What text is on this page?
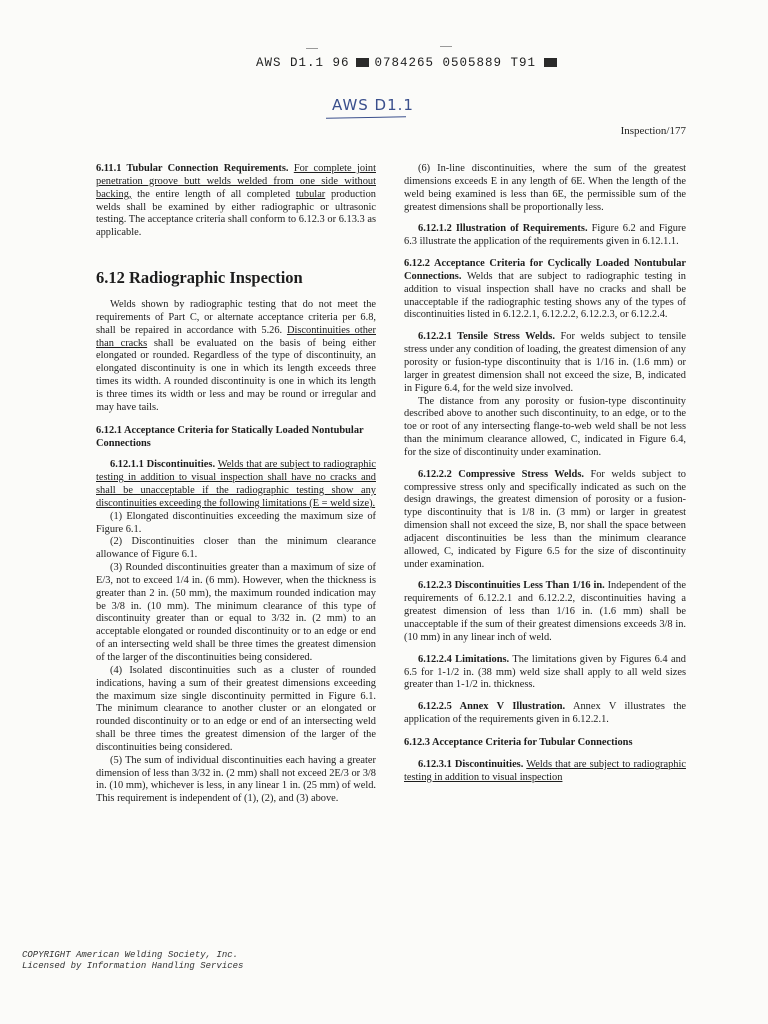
AWS D1.1 96 0784265 0505889 T91
AWS D1.1
Inspection/177

6.11.1 Tubular Connection Requirements. For complete joint penetration groove butt welds welded from one side without backing, the entire length of all completed tubular production welds shall be examined by either radiographic or ultrasonic testing. The acceptance criteria shall conform to 6.12.3 or 6.13.3 as applicable.

6.12 Radiographic Inspection

Welds shown by radiographic testing that do not meet the requirements of Part C, or alternate acceptance criteria per 6.8, shall be repaired in accordance with 5.26. Discontinuities other than cracks shall be evaluated on the basis of being either elongated or rounded. Regardless of the type of discontinuity, an elongated discontinuity is one in which its length exceeds three times its width. A rounded discontinuity is one in which its length is three times its width or less and may be round or irregular and may have tails.

6.12.1 Acceptance Criteria for Statically Loaded Nontubular Connections

6.12.1.1 Discontinuities. Welds that are subject to radiographic testing in addition to visual inspection shall have no cracks and shall be unacceptable if the radiographic testing show any discontinuities exceeding the following limitations (E = weld size).

(1) Elongated discontinuities exceeding the maximum size of Figure 6.1.

(2) Discontinuities closer than the minimum clearance allowance of Figure 6.1.

(3) Rounded discontinuities greater than a maximum of size of E/3, not to exceed 1/4 in. (6 mm). However, when the thickness is greater than 2 in. (50 mm), the maximum rounded indication may be 3/8 in. (10 mm). The minimum clearance of this type of discontinuity greater than or equal to 3/32 in. (2 mm) to an acceptable elongated or rounded discontinuity or to an edge or end of an intersecting weld shall be three times the greatest dimension of the larger of the discontinuities being considered.

(4) Isolated discontinuities such as a cluster of rounded indications, having a sum of their greatest dimensions exceeding the maximum size single discontinuity permitted in Figure 6.1. The minimum clearance to another cluster or an elongated or rounded discontinuity or to an edge or end of an intersecting weld shall be three times the greatest dimension of the larger of the discontinuities being considered.

(5) The sum of individual discontinuities each having a greater dimension of less than 3/32 in. (2 mm) shall not exceed 2E/3 or 3/8 in. (10 mm), whichever is less, in any linear 1 in. (25 mm) of weld. This requirement is independent of (1), (2), and (3) above.

(6) In-line discontinuities, where the sum of the greatest dimensions exceeds E in any length of 6E. When the length of the weld being examined is less than 6E, the permissible sum of the greatest dimensions shall be proportionally less.

6.12.1.2 Illustration of Requirements. Figure 6.2 and Figure 6.3 illustrate the application of the requirements given in 6.12.1.1.

6.12.2 Acceptance Criteria for Cyclically Loaded Nontubular Connections. Welds that are subject to radiographic testing in addition to visual inspection shall have no cracks and shall be unacceptable if the radiographic testing shows any of the types of discontinuities listed in 6.12.2.1, 6.12.2.2, 6.12.2.3, or 6.12.2.4.

6.12.2.1 Tensile Stress Welds. For welds subject to tensile stress under any condition of loading, the greatest dimension of any porosity or fusion-type discontinuity that is 1/16 in. (1.6 mm) or larger in greatest dimension shall not exceed the size, B, indicated in Figure 6.4, for the weld size involved.

The distance from any porosity or fusion-type discontinuity described above to another such discontinuity, to an edge, or to the toe or root of any intersecting flange-to-web weld shall be not less than the minimum clearance allowed, C, indicated in Figure 6.4, for the size of discontinuity under examination.

6.12.2.2 Compressive Stress Welds. For welds subject to compressive stress only and specifically indicated as such on the design drawings, the greatest dimension of porosity or a fusion-type discontinuity that is 1/8 in. (3 mm) or larger in greatest dimension shall not exceed the size, B, nor shall the space between adjacent discontinuities be less than the minimum clearance allowed, C, indicated by Figure 6.5 for the size of discontinuity under examination.

6.12.2.3 Discontinuities Less Than 1/16 in. Independent of the requirements of 6.12.2.1 and 6.12.2.2, discontinuities having a greatest dimension of less than 1/16 in. (1.6 mm) shall be unacceptable if the sum of their greatest dimensions exceeds 3/8 in. (10 mm) in any linear inch of weld.

6.12.2.4 Limitations. The limitations given by Figures 6.4 and 6.5 for 1-1/2 in. (38 mm) weld size shall apply to all weld sizes greater than 1-1/2 in. thickness.

6.12.2.5 Annex V Illustration. Annex V illustrates the application of the requirements given in 6.12.2.1.

6.12.3 Acceptance Criteria for Tubular Connections

6.12.3.1 Discontinuities. Welds that are subject to radiographic testing in addition to visual inspection

COPYRIGHT American Welding Society, Inc.
Licensed by Information Handling Services
